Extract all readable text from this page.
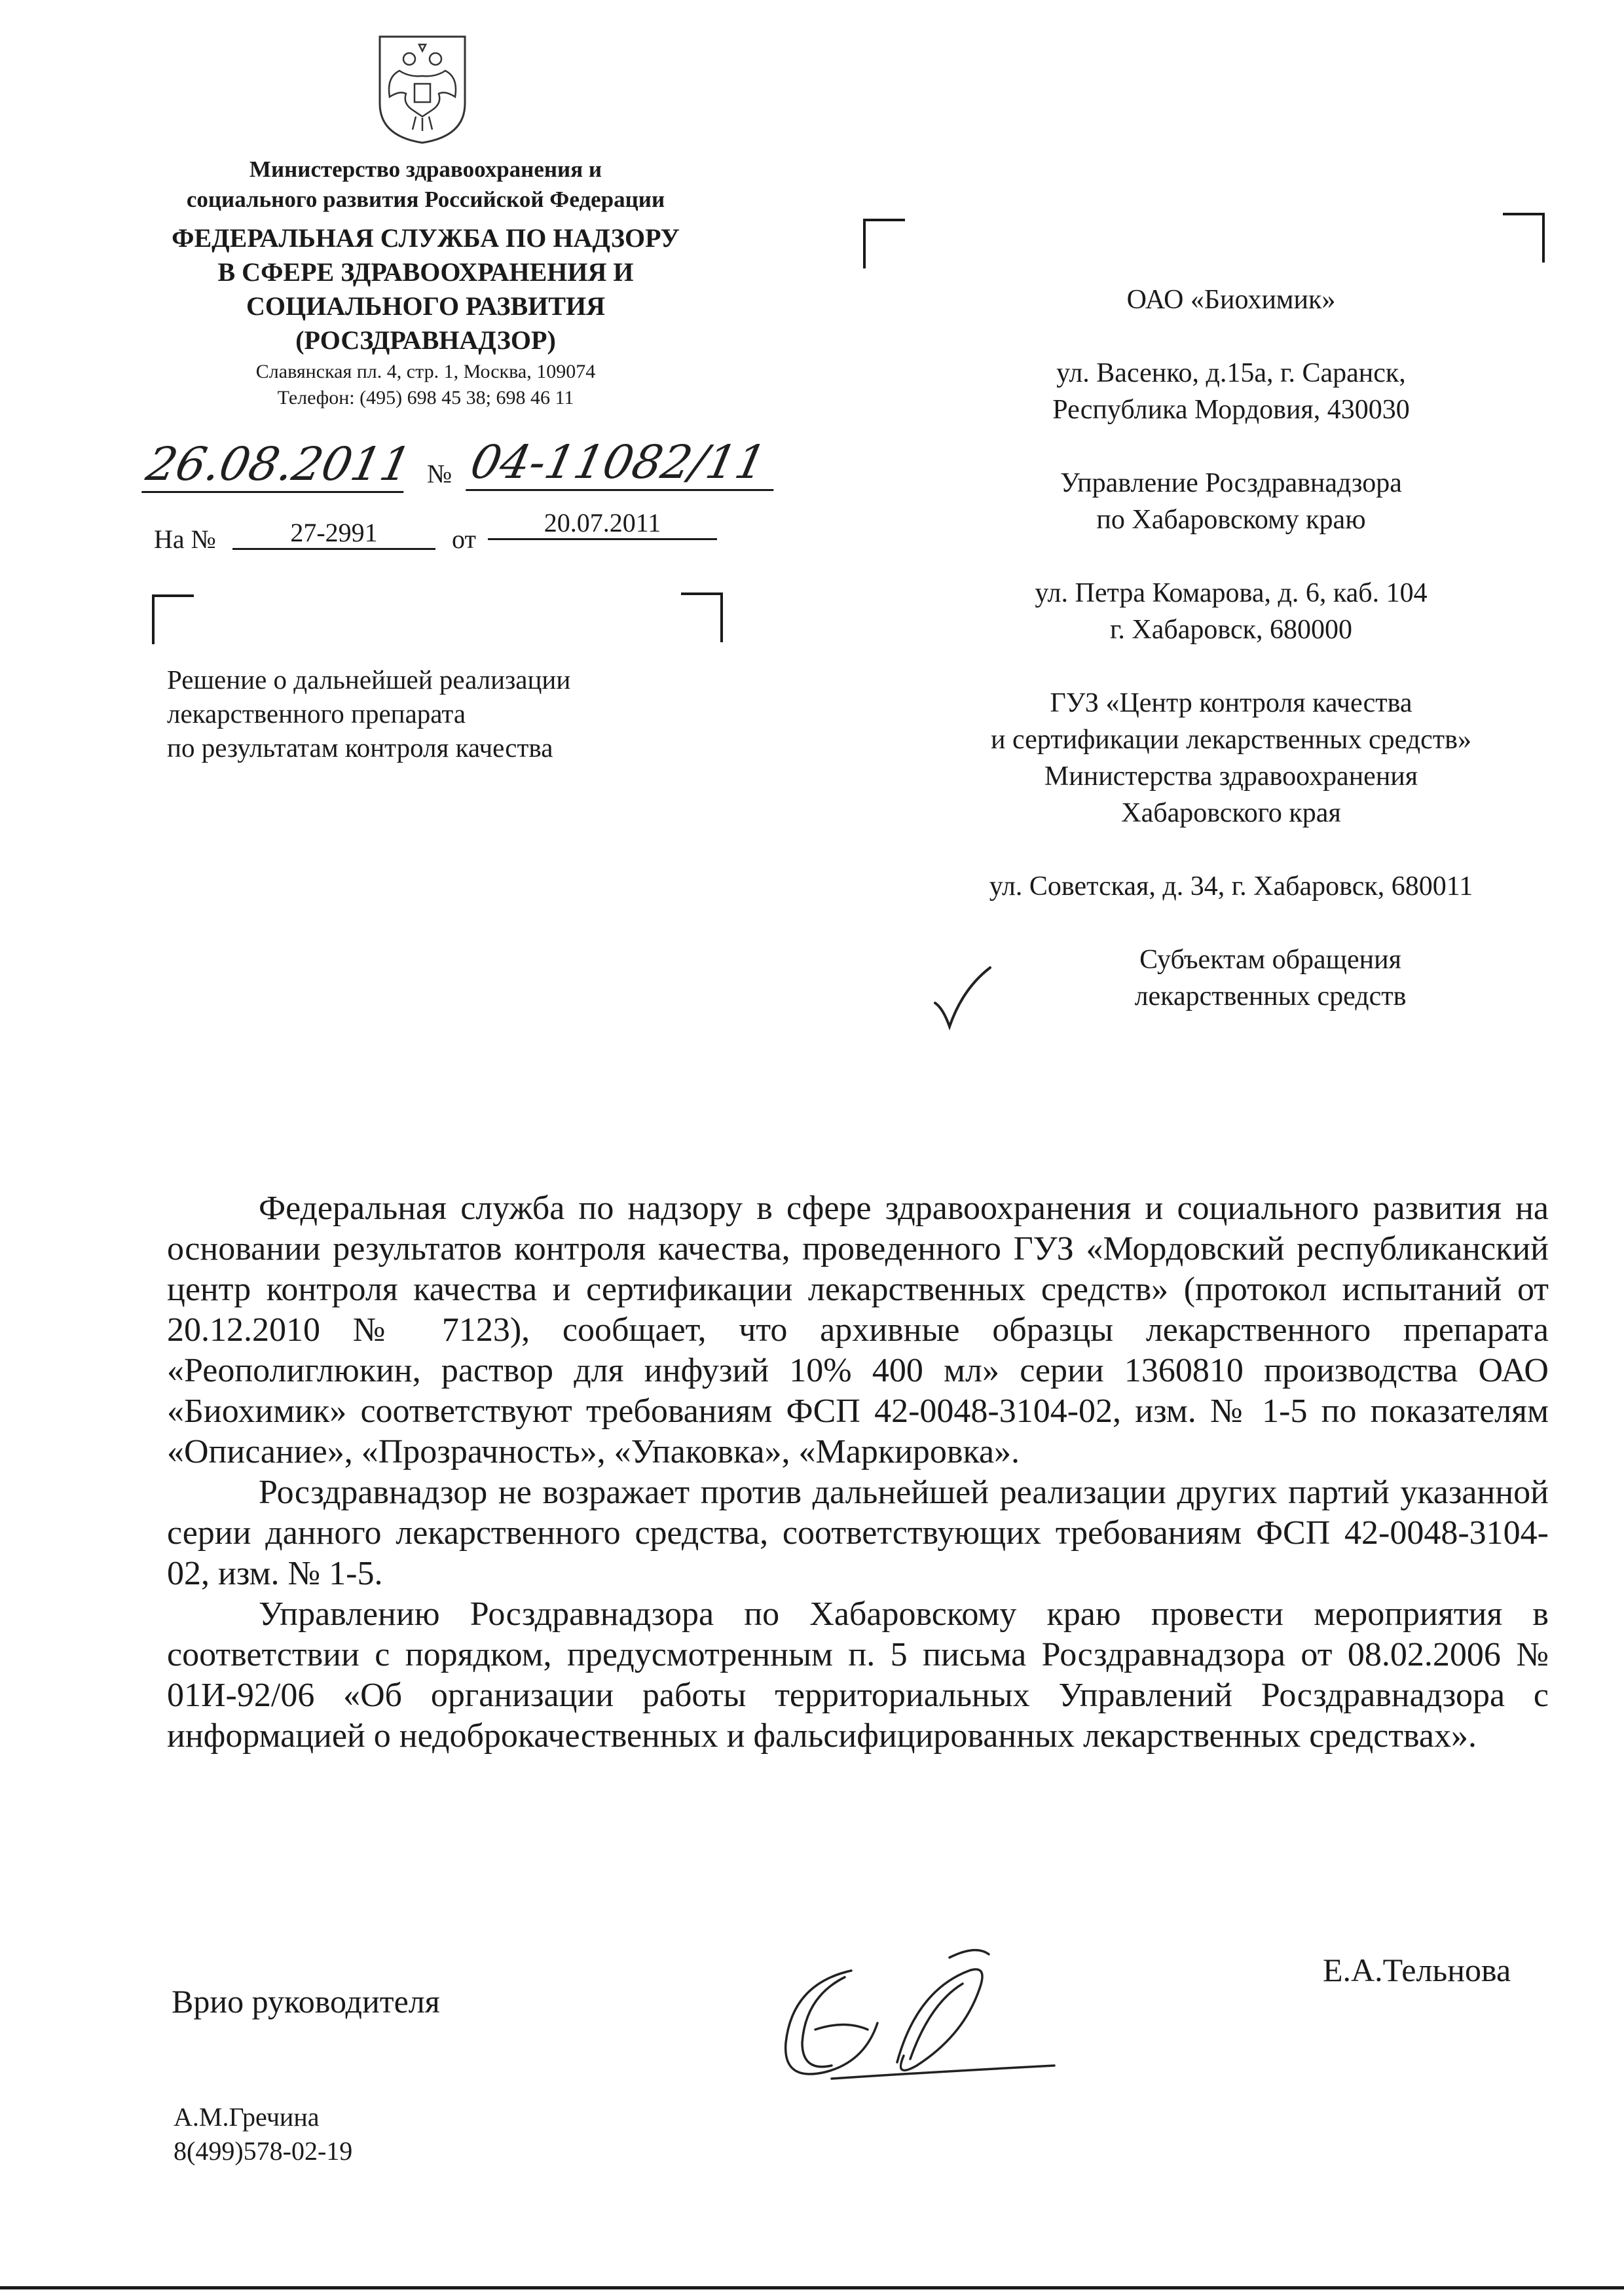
Министерство здравоохранения и
социального развития Российской Федерации
ФЕДЕРАЛЬНАЯ СЛУЖБА ПО НАДЗОРУ
В СФЕРЕ ЗДРАВООХРАНЕНИЯ И
СОЦИАЛЬНОГО РАЗВИТИЯ
(РОСЗДРАВНАДЗОР)
Славянская пл. 4, стр. 1, Москва, 109074
Телефон: (495) 698 45 38; 698 46 11
26.08.2011 № 04-11082/11
На №	27-2991	от
20.07.2011
Решение о дальнейшей реализации
лекарственного препарата
по результатам контроля качества

ОАО «Биохимик»

ул. Васенко, д.15а, г. Саранск,

Республика Мордовия, 430030

Управление Росздравнадзора

по Хабаровскому краю

ул. Петра Комарова, д. 6, каб. 104

г. Хабаровск, 680000

ГУЗ «Центр контроля качества

и сертификации лекарственных средств»

Министерства здравоохранения

Хабаровского края

ул. Советская, д. 34, г. Хабаровск, 680011

Субъектам обращения

лекарственных средств

Федеральная служба по надзору в сфере здравоохранения и социального развития на основании результатов контроля качества, проведенного ГУЗ «Мордовский республиканский центр контроля качества и сертификации лекарственных средств» (протокол испытаний от 20.12.2010 № 7123), сообщает, что архивные образцы лекарственного препарата «Реополиглюкин, раствор для инфузий 10% 400 мл» серии 1360810 производства ОАО «Биохимик» соответствуют требованиям ФСП 42-0048-3104-02, изм. № 1-5 по показателям «Описание», «Прозрачность», «Упаковка», «Маркировка».

Росздравнадзор не возражает против дальнейшей реализации других партий указанной серии данного лекарственного средства, соответствующих требованиям ФСП 42-0048-3104-02, изм. № 1-5.

Управлению Росздравнадзора по Хабаровскому краю провести мероприятия в соответствии с порядком, предусмотренным п. 5 письма Росздравнадзора от 08.02.2006 № 01И-92/06 «Об организации работы территориальных Управлений Росздравнадзора с информацией о недоброкачественных и фальсифицированных лекарственных средствах».

Врио руководителя
Е.А.Тельнова
А.М.Гречина
8(499)578-02-19
